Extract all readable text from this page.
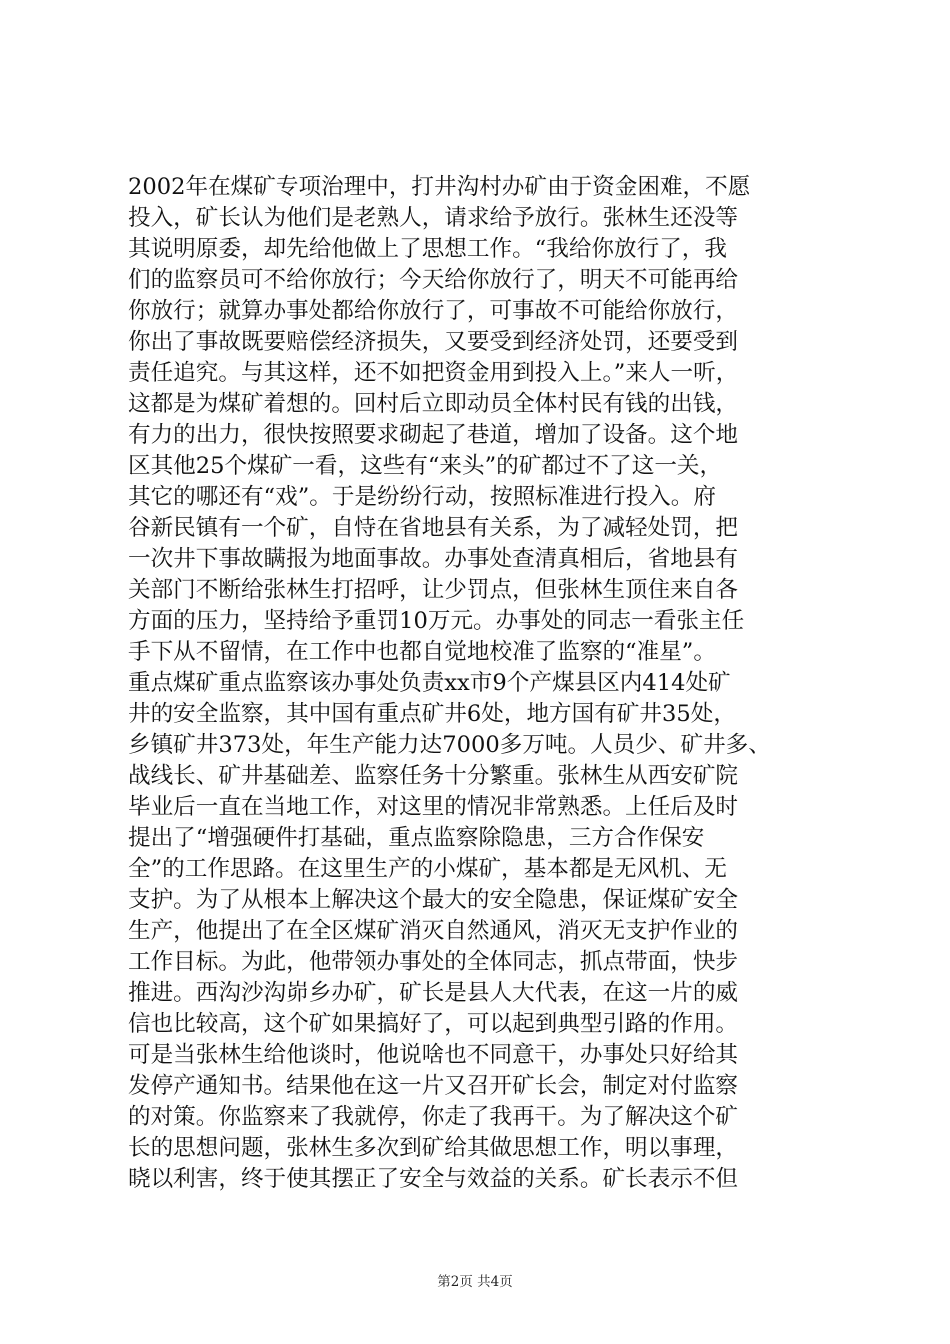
2002年在煤矿专项治理中，打井沟村办矿由于资金困难，不愿
投入，矿长认为他们是老熟人，请求给予放行。张林生还没等
其说明原委，却先给他做上了思想工作。“我给你放行了，我
们的监察员可不给你放行；今天给你放行了，明天不可能再给
你放行；就算办事处都给你放行了，可事故不可能给你放行，
你出了事故既要赔偿经济损失，又要受到经济处罚，还要受到
责任追究。与其这样，还不如把资金用到投入上。”来人一听，
这都是为煤矿着想的。回村后立即动员全体村民有钱的出钱，
有力的出力，很快按照要求砌起了巷道，增加了设备。这个地
区其他25个煤矿一看，这些有“来头”的矿都过不了这一关，
其它的哪还有“戏”。于是纷纷行动，按照标准进行投入。府
谷新民镇有一个矿，自恃在省地县有关系，为了减轻处罚，把
一次井下事故瞒报为地面事故。办事处查清真相后，省地县有
关部门不断给张林生打招呼，让少罚点，但张林生顶住来自各
方面的压力，坚持给予重罚10万元。办事处的同志一看张主任
手下从不留情，在工作中也都自觉地校准了监察的“准星”。
重点煤矿重点监察该办事处负责xx市9个产煤县区内414处矿
井的安全监察，其中国有重点矿井6处，地方国有矿井35处，
乡镇矿井373处，年生产能力达7000多万吨。人员少、矿井多、
战线长、矿井基础差、监察任务十分繁重。张林生从西安矿院
毕业后一直在当地工作，对这里的情况非常熟悉。上任后及时
提出了“增强硬件打基础，重点监察除隐患，三方合作保安
全”的工作思路。在这里生产的小煤矿，基本都是无风机、无
支护。为了从根本上解决这个最大的安全隐患，保证煤矿安全
生产，他提出了在全区煤矿消灭自然通风，消灭无支护作业的
工作目标。为此，他带领办事处的全体同志，抓点带面，快步
推进。西沟沙沟峁乡办矿，矿长是县人大代表，在这一片的威
信也比较高，这个矿如果搞好了，可以起到典型引路的作用。
可是当张林生给他谈时，他说啥也不同意干，办事处只好给其
发停产通知书。结果他在这一片又召开矿长会，制定对付监察
的对策。你监察来了我就停，你走了我再干。为了解决这个矿
长的思想问题，张林生多次到矿给其做思想工作，明以事理，
晓以利害，终于使其摆正了安全与效益的关系。矿长表示不但
第2页 共4页
